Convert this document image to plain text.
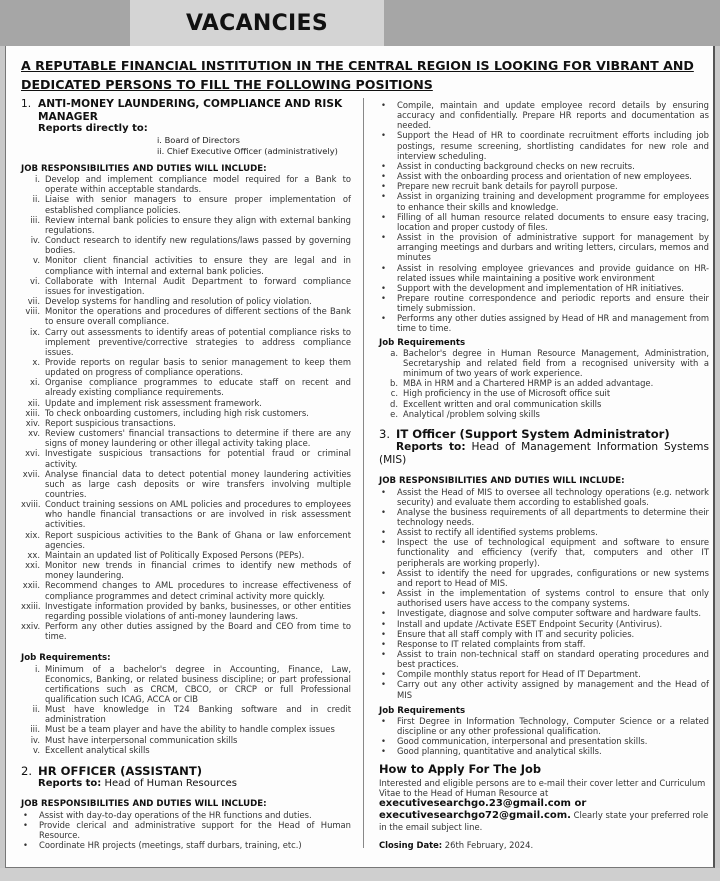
VACANCIES
A REPUTABLE FINANCIAL INSTITUTION IN THE CENTRAL REGION IS LOOKING FOR VIBRANT AND DEDICATED PERSONS TO FILL THE FOLLOWING POSITIONS
1. ANTI-MONEY LAUNDERING, COMPLIANCE AND RISK MANAGER
Reports directly to:
i. Board of Directors
ii. Chief Executive Officer (administratively)
JOB RESPONSIBILITIES AND DUTIES WILL INCLUDE:
i. Develop and implement compliance model required for a Bank to operate within acceptable standards.
ii. Liaise with senior managers to ensure proper implementation of established compliance policies.
iii. Review internal bank policies to ensure they align with external banking regulations.
iv. Conduct research to identify new regulations/laws passed by governing bodies.
v. Monitor client financial activities to ensure they are legal and in compliance with internal and external bank policies.
vi. Collaborate with Internal Audit Department to forward compliance issues for investigation.
vii. Develop systems for handling and resolution of policy violation.
viii. Monitor the operations and procedures of different sections of the Bank to ensure overall compliance.
ix. Carry out assessments to identify areas of potential compliance risks to implement preventive/corrective strategies to address compliance issues.
x. Provide reports on regular basis to senior management to keep them updated on progress of compliance operations.
xi. Organise compliance programmes to educate staff on recent and already existing compliance requirements.
xii. Update and implement risk assessment framework.
xiii. To check onboarding customers, including high risk customers.
xiv. Report suspicious transactions.
xv. Review customers' financial transactions to determine if there are any signs of money laundering or other illegal activity taking place.
xvi. Investigate suspicious transactions for potential fraud or criminal activity.
xvii. Analyse financial data to detect potential money laundering activities such as large cash deposits or wire transfers involving multiple countries.
xviii. Conduct training sessions on AML policies and procedures to employees who handle financial transactions or are involved in risk assessment activities.
xix. Report suspicious activities to the Bank of Ghana or law enforcement agencies.
xx. Maintain an updated list of Politically Exposed Persons (PEPs).
xxi. Monitor new trends in financial crimes to identify new methods of money laundering.
xxii. Recommend changes to AML procedures to increase effectiveness of compliance programmes and detect criminal activity more quickly.
xxiii. Investigate information provided by banks, businesses, or other entities regarding possible violations of anti-money laundering laws.
xxiv. Perform any other duties assigned by the Board and CEO from time to time.
Job Requirements:
i. Minimum of a bachelor's degree in Accounting, Finance, Law, Economics, Banking, or related business discipline; or part professional certifications such as CRCM, CBCO, or CRCP or full Professional qualification such ICAG, ACCA or CIB
ii. Must have knowledge in T24 Banking software and in credit administration
iii. Must be a team player and have the ability to handle complex issues
iv. Must have interpersonal communication skills
v. Excellent analytical skills
2. HR OFFICER (ASSISTANT)
Reports to: Head of Human Resources
JOB RESPONSIBILITIES AND DUTIES WILL INCLUDE:
•	Assist with day-to-day operations of the HR functions and duties.
•	Provide clerical and administrative support for the Head of Human Resource.
•	Coordinate HR projects (meetings, staff durbars, training, etc.)
•	Compile, maintain and update employee record details by ensuring accuracy and confidentially. Prepare HR reports and documentation as needed.
•	Support the Head of HR to coordinate recruitment efforts including job postings, resume screening, shortlisting candidates for new role and interview scheduling.
•	Assist in conducting background checks on new recruits.
•	Assist with the onboarding process and orientation of new employees.
•	Prepare new recruit bank details for payroll purpose.
•	Assist in organizing training and development programme for employees to enhance their skills and knowledge.
•	Filling of all human resource related documents to ensure easy tracing, location and proper custody of files.
•	Assist in the provision of administrative support for management by arranging meetings and durbars and writing letters, circulars, memos and minutes
•	Assist in resolving employee grievances and provide guidance on HR-related issues while maintaining a positive work environment
•	Support with the development and implementation of HR initiatives.
•	Prepare routine correspondence and periodic reports and ensure their timely submission.
•	Performs any other duties assigned by Head of HR and management from time to time.
Job Requirements
a. Bachelor's degree in Human Resource Management, Administration, Secretaryship and related field from a recognised university with a minimum of two years of work experience.
b. MBA in HRM and a Chartered HRMP is an added advantage.
c. High proficiency in the use of Microsoft office suit
d. Excellent written and oral communication skills
e. Analytical /problem solving skills
3. IT Officer (Support System Administrator)
Reports to: Head of Management Information Systems (MIS)
JOB RESPONSIBILITIES AND DUTIES WILL INCLUDE:
•	Assist the Head of MIS to oversee all technology operations (e.g. network security) and evaluate them according to established goals.
•	Analyse the business requirements of all departments to determine their technology needs.
•	Assist to rectify all identified systems problems.
•	Inspect the use of technological equipment and software to ensure functionality and efficiency (verify that, computers and other IT peripherals are working properly).
•	Assist to identify the need for upgrades, configurations or new systems and report to Head of MIS.
•	Assist in the implementation of systems control to ensure that only authorised users have access to the company systems.
•	Investigate, diagnose and solve computer software and hardware faults.
•	Install and update /Activate ESET Endpoint Security (Antivirus).
•	Ensure that all staff comply with IT and security policies.
•	Response to IT related complaints from staff.
•	Assist to train non-technical staff on standard operating procedures and best practices.
•	Compile monthly status report for Head of IT Department.
•	Carry out any other activity assigned by management and the Head of MIS
Job Requirements
•	First Degree in Information Technology, Computer Science or a related discipline or any other professional qualification.
•	Good communication, interpersonal and presentation skills.
•	Good planning, quantitative and analytical skills.
How to Apply For The Job

Interested and eligible persons are to e-mail their cover letter and Curriculum Vitae to the Head of Human Resource at

executivesearchgo.23@gmail.com or
executivesearchgo72@gmail.com. Clearly state your preferred role in the email subject line.

Closing Date: 26th February, 2024.
